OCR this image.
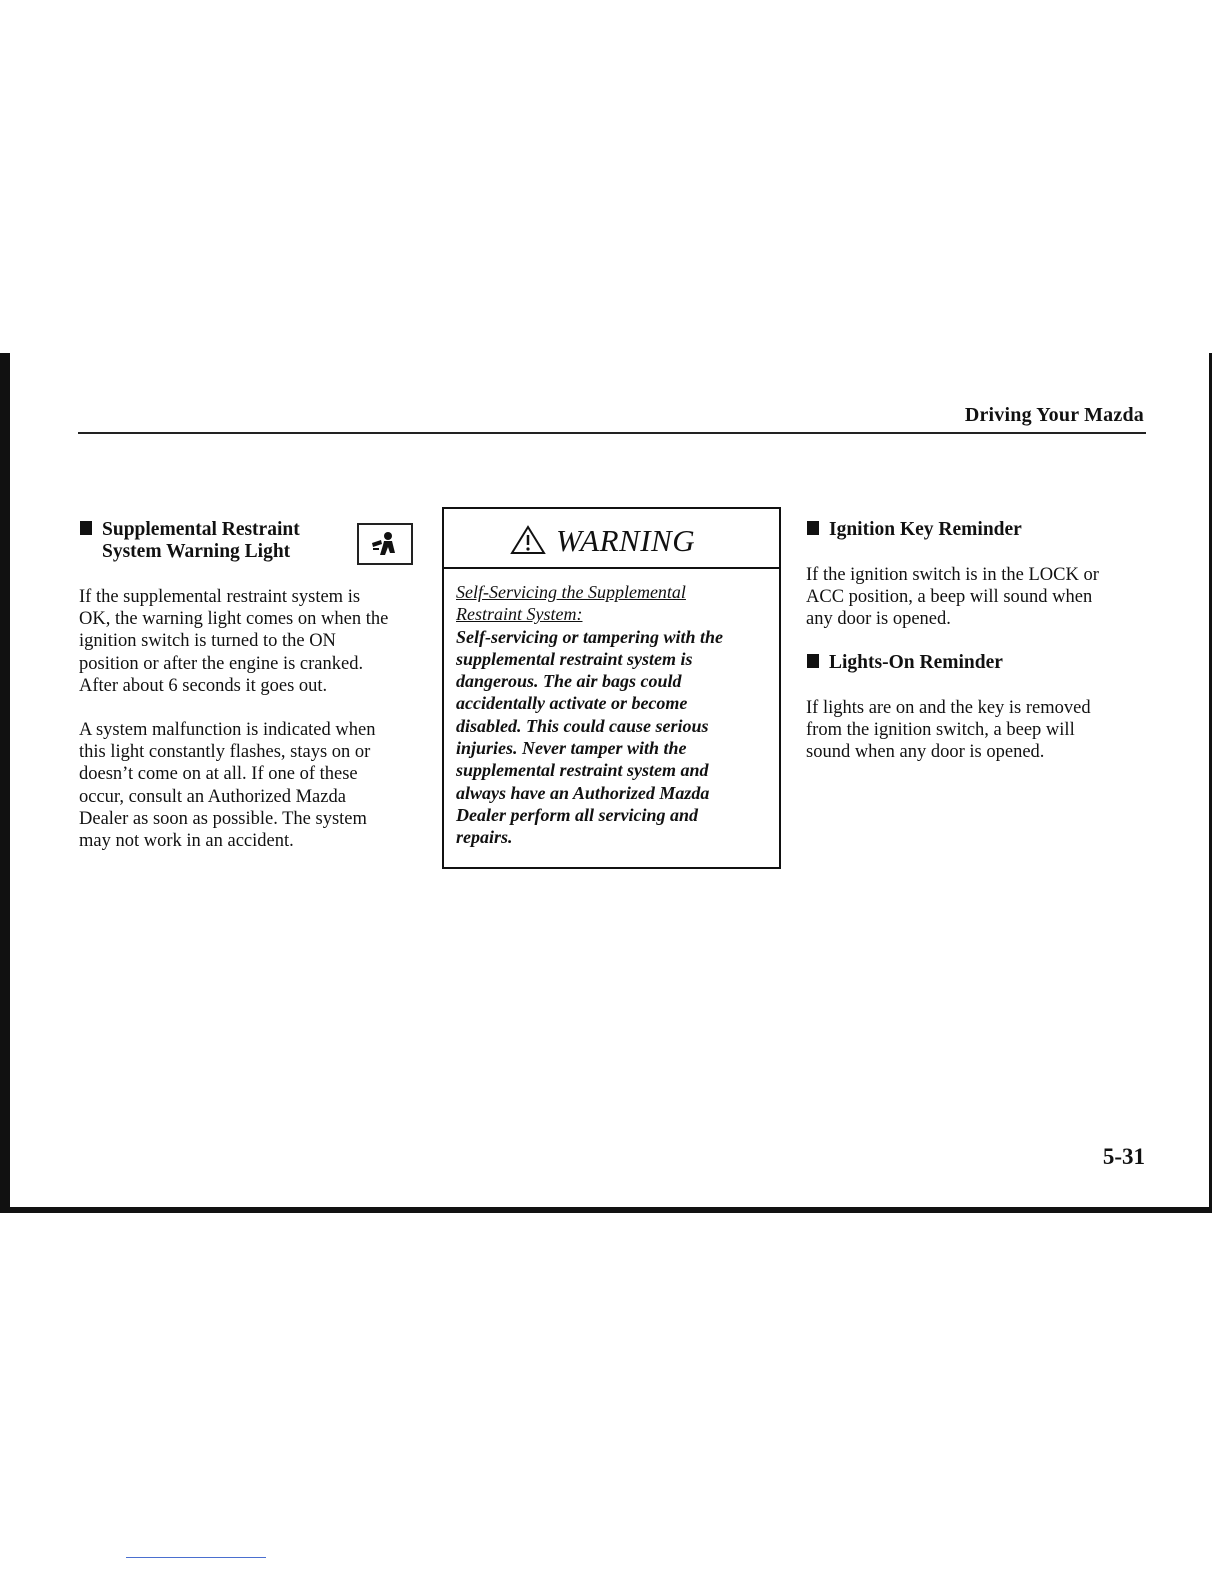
Driving Your Mazda
Supplemental Restraint
System Warning Light

If the supplemental restraint system is
OK, the warning light comes on when the
ignition switch is turned to the ON
position or after the engine is cranked.
After about 6 seconds it goes out.

A system malfunction is indicated when
this light constantly flashes, stays on or
doesn’t come on at all. If one of these
occur, consult an Authorized Mazda
Dealer as soon as possible. The system
may not work in an accident.

WARNING
Self-Servicing the Supplemental
Restraint System:
Self-servicing or tampering with the
supplemental restraint system is
dangerous. The air bags could
accidentally activate or become
disabled. This could cause serious
injuries. Never tamper with the
supplemental restraint system and
always have an Authorized Mazda
Dealer perform all servicing and
repairs.
Ignition Key Reminder
If the ignition switch is in the LOCK or
ACC position, a beep will sound when
any door is opened.
Lights-On Reminder
If lights are on and the key is removed
from the ignition switch, a beep will
sound when any door is opened.
5-31
